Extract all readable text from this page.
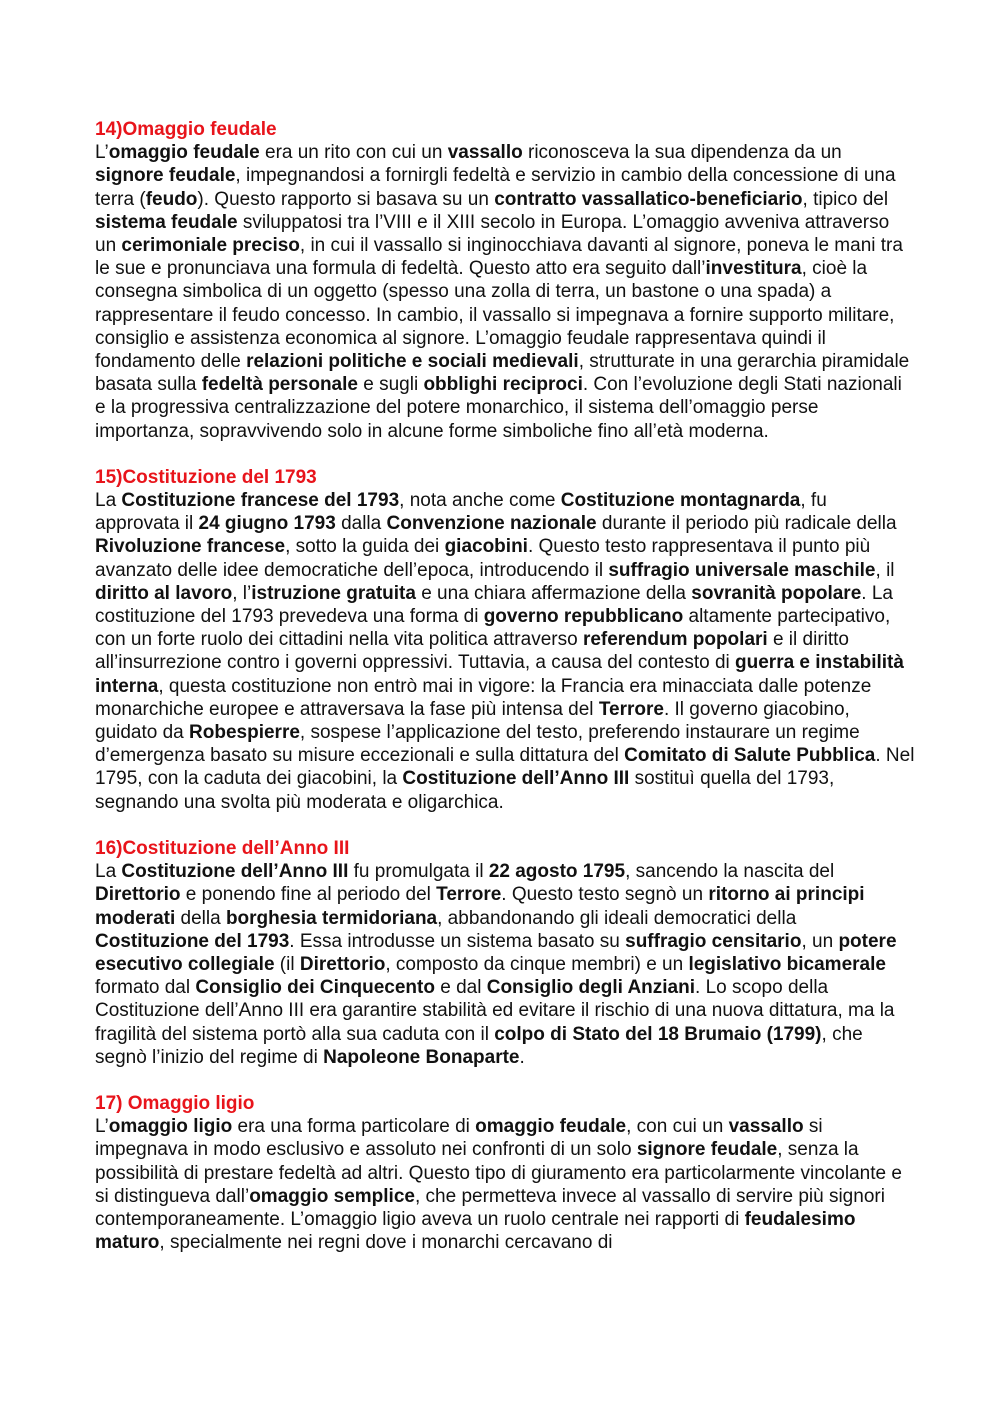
14)Omaggio feudale

L’omaggio feudale era un rito con cui un vassallo riconosceva la sua dipendenza da un signore feudale, impegnandosi a fornirgli fedeltà e servizio in cambio della concessione di una terra (feudo). Questo rapporto si basava su un contratto vassallatico-beneficiario, tipico del sistema feudale sviluppatosi tra l’VIII e il XIII secolo in Europa. L’omaggio avveniva attraverso un cerimoniale preciso, in cui il vassallo si inginocchiava davanti al signore, poneva le mani tra le sue e pronunciava una formula di fedeltà. Questo atto era seguito dall’investitura, cioè la consegna simbolica di un oggetto (spesso una zolla di terra, un bastone o una spada) a rappresentare il feudo concesso. In cambio, il vassallo si impegnava a fornire supporto militare, consiglio e assistenza economica al signore. L’omaggio feudale rappresentava quindi il fondamento delle relazioni politiche e sociali medievali, strutturate in una gerarchia piramidale basata sulla fedeltà personale e sugli obblighi reciproci. Con l’evoluzione degli Stati nazionali e la progressiva centralizzazione del potere monarchico, il sistema dell’omaggio perse importanza, sopravvivendo solo in alcune forme simboliche fino all’età moderna.

15)Costituzione del 1793

La Costituzione francese del 1793, nota anche come Costituzione montagnarda, fu approvata il 24 giugno 1793 dalla Convenzione nazionale durante il periodo più radicale della Rivoluzione francese, sotto la guida dei giacobini. Questo testo rappresentava il punto più avanzato delle idee democratiche dell’epoca, introducendo il suffragio universale maschile, il diritto al lavoro, l’istruzione gratuita e una chiara affermazione della sovranità popolare. La costituzione del 1793 prevedeva una forma di governo repubblicano altamente partecipativo, con un forte ruolo dei cittadini nella vita politica attraverso referendum popolari e il diritto all’insurrezione contro i governi oppressivi. Tuttavia, a causa del contesto di guerra e instabilità interna, questa costituzione non entrò mai in vigore: la Francia era minacciata dalle potenze monarchiche europee e attraversava la fase più intensa del Terrore. Il governo giacobino, guidato da Robespierre, sospese l’applicazione del testo, preferendo instaurare un regime d’emergenza basato su misure eccezionali e sulla dittatura del Comitato di Salute Pubblica. Nel 1795, con la caduta dei giacobini, la Costituzione dell’Anno III sostituì quella del 1793, segnando una svolta più moderata e oligarchica.

16)Costituzione dell’Anno III

La Costituzione dell’Anno III fu promulgata il 22 agosto 1795, sancendo la nascita del Direttorio e ponendo fine al periodo del Terrore. Questo testo segnò un ritorno ai principi moderati della borghesia termidoriana, abbandonando gli ideali democratici della Costituzione del 1793. Essa introdusse un sistema basato su suffragio censitario, un potere esecutivo collegiale (il Direttorio, composto da cinque membri) e un legislativo bicamerale formato dal Consiglio dei Cinquecento e dal Consiglio degli Anziani. Lo scopo della Costituzione dell’Anno III era garantire stabilità ed evitare il rischio di una nuova dittatura, ma la fragilità del sistema portò alla sua caduta con il colpo di Stato del 18 Brumaio (1799), che segnò l’inizio del regime di Napoleone Bonaparte.

17) Omaggio ligio

L’omaggio ligio era una forma particolare di omaggio feudale, con cui un vassallo si impegnava in modo esclusivo e assoluto nei confronti di un solo signore feudale, senza la possibilità di prestare fedeltà ad altri. Questo tipo di giuramento era particolarmente vincolante e si distingueva dall’omaggio semplice, che permetteva invece al vassallo di servire più signori contemporaneamente. L’omaggio ligio aveva un ruolo centrale nei rapporti di feudalesimo maturo, specialmente nei regni dove i monarchi cercavano di
